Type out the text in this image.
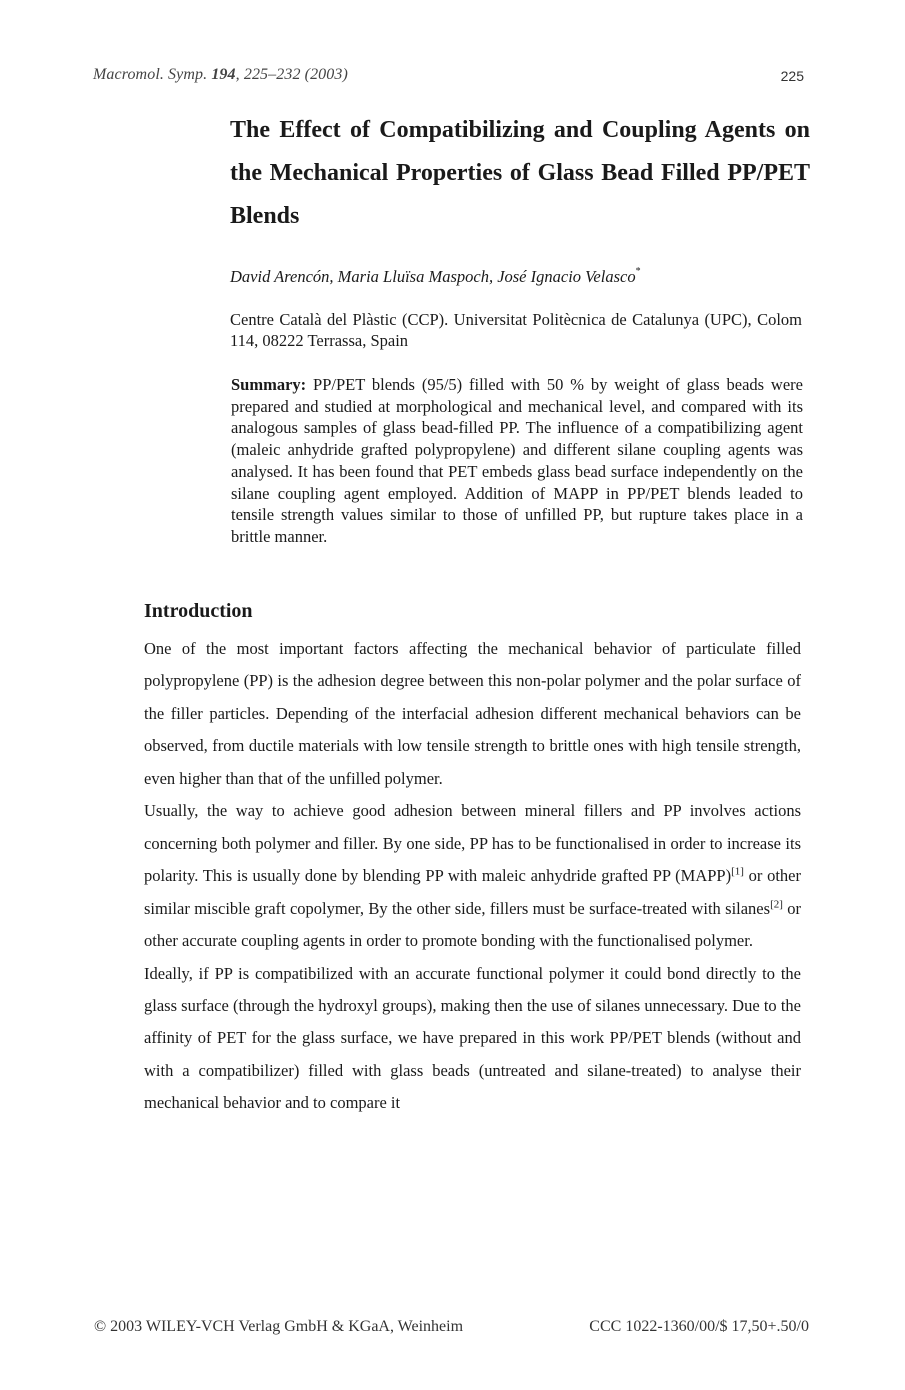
Macromol. Symp. 194, 225–232 (2003)	225
The Effect of Compatibilizing and Coupling Agents on the Mechanical Properties of Glass Bead Filled PP/PET Blends
David Arencón, Maria Lluïsa Maspoch, José Ignacio Velasco*
Centre Català del Plàstic (CCP). Universitat Politècnica de Catalunya (UPC), Colom 114, 08222 Terrassa, Spain
Summary: PP/PET blends (95/5) filled with 50 % by weight of glass beads were prepared and studied at morphological and mechanical level, and compared with its analogous samples of glass bead-filled PP. The influence of a compatibilizing agent (maleic anhydride grafted polypropylene) and different silane coupling agents was analysed. It has been found that PET embeds glass bead surface independently on the silane coupling agent employed. Addition of MAPP in PP/PET blends leaded to tensile strength values similar to those of unfilled PP, but rupture takes place in a brittle manner.
Introduction

One of the most important factors affecting the mechanical behavior of particulate filled polypropylene (PP) is the adhesion degree between this non-polar polymer and the polar surface of the filler particles. Depending of the interfacial adhesion different mechanical behaviors can be observed, from ductile materials with low tensile strength to brittle ones with high tensile strength, even higher than that of the unfilled polymer.

Usually, the way to achieve good adhesion between mineral fillers and PP involves actions concerning both polymer and filler. By one side, PP has to be functionalised in order to increase its polarity. This is usually done by blending PP with maleic anhydride grafted PP (MAPP)[1] or other similar miscible graft copolymer, By the other side, fillers must be surface-treated with silanes[2] or other accurate coupling agents in order to promote bonding with the functionalised polymer.

Ideally, if PP is compatibilized with an accurate functional polymer it could bond directly to the glass surface (through the hydroxyl groups), making then the use of silanes unnecessary. Due to the affinity of PET for the glass surface, we have prepared in this work PP/PET blends (without and with a compatibilizer) filled with glass beads (untreated and silane-treated) to analyse their mechanical behavior and to compare it

© 2003 WILEY-VCH Verlag GmbH & KGaA, Weinheim	CCC 1022-1360/00/$ 17,50+.50/0
